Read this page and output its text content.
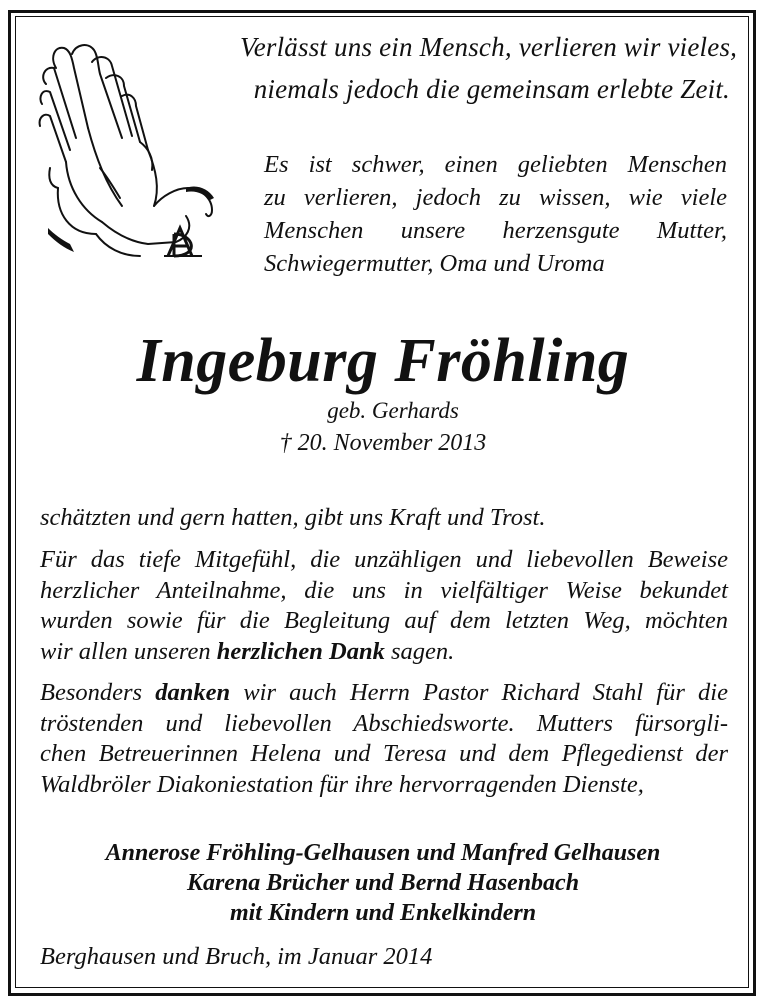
Verlässt uns ein Mensch, verlieren wir vieles,
niemals jedoch die gemeinsam erlebte Zeit.
Es ist schwer, einen geliebten Menschen
zu verlieren, jedoch zu wissen, wie viele
Menschen unsere herzensgute Mutter,
Schwiegermutter, Oma und Uroma
Ingeburg Fröhling
geb. Gerhards
† 20. November 2013
schätzten und gern hatten, gibt uns Kraft und Trost.
Für das tiefe Mitgefühl, die unzähligen und liebevollen Beweise
herzlicher Anteilnahme, die uns in vielfältiger Weise bekundet
wurden sowie für die Begleitung auf dem letzten Weg, möchten
wir allen unseren herzlichen Dank sagen.
Besonders danken wir auch Herrn Pastor Richard Stahl für die
tröstenden und liebevollen Abschiedsworte. Mutters fürsorgli-
chen Betreuerinnen Helena und Teresa und dem Pflegedienst der
Waldbröler Diakoniestation für ihre hervorragenden Dienste,
Annerose Fröhling-Gelhausen und Manfred Gelhausen
Karena Brücher und Bernd Hasenbach
mit Kindern und Enkelkindern
Berghausen und Bruch, im Januar 2014
